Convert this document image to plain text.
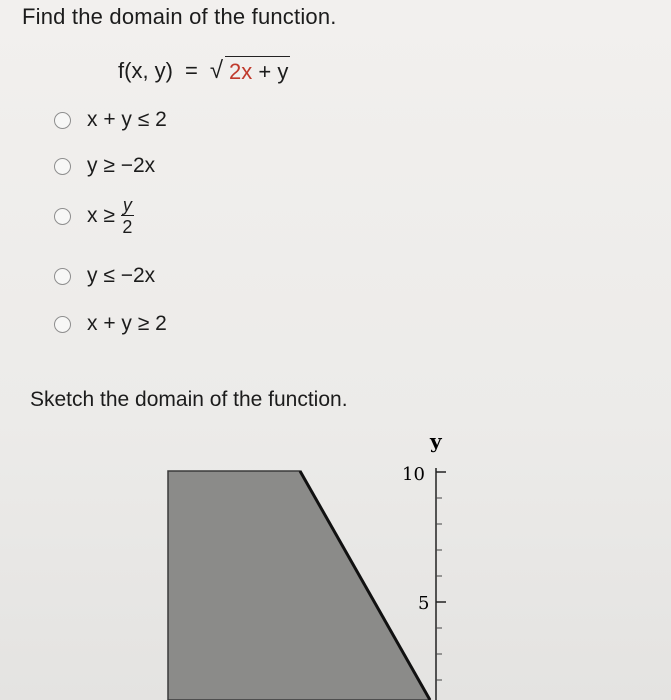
Find the domain of the function.
f(x, y) = √ 2x + y
x + y ≤ 2
y ≥ −2x
$x \ge \frac{y}{2}$
y ≤ −2x
x + y ≥ 2
Sketch the domain of the function.
y
10
5
